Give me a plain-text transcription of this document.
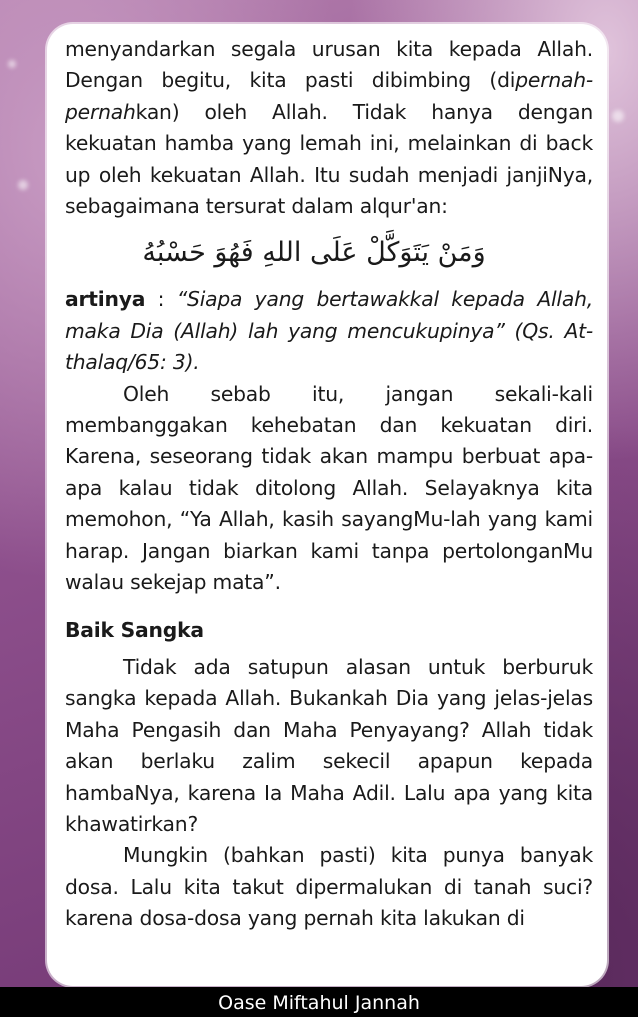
menyandarkan segala urusan kita kepada Allah. Dengan begitu, kita pasti dibimbing (dipernah-pernahkan) oleh Allah. Tidak hanya dengan kekuatan hamba yang lemah ini, melainkan di back up oleh kekuatan Allah. Itu sudah menjadi janjiNya, sebagaimana tersurat dalam alqur'an:

وَمَنْ يَتَوَكَّلْ عَلَى اللهِ فَهُوَ حَسْبُهُ

artinya : “Siapa yang bertawakkal kepada Allah, maka Dia (Allah) lah yang mencukupinya” (Qs. At-thalaq/65: 3).

Oleh sebab itu, jangan sekali-kali membanggakan kehebatan dan kekuatan diri. Karena, seseorang tidak akan mampu berbuat apa-apa kalau tidak ditolong Allah. Selayaknya kita memohon, “Ya Allah, kasih sayangMu-lah yang kami harap. Jangan biarkan kami tanpa pertolonganMu walau sekejap mata”.

Baik Sangka

Tidak ada satupun alasan untuk berburuk sangka kepada Allah. Bukankah Dia yang jelas-jelas Maha Pengasih dan Maha Penyayang? Allah tidak akan berlaku zalim sekecil apapun kepada hambaNya, karena Ia Maha Adil. Lalu apa yang kita khawatirkan?

Mungkin (bahkan pasti) kita punya banyak dosa. Lalu kita takut dipermalukan di tanah suci? karena dosa-dosa yang pernah kita lakukan di

Oase Miftahul Jannah
